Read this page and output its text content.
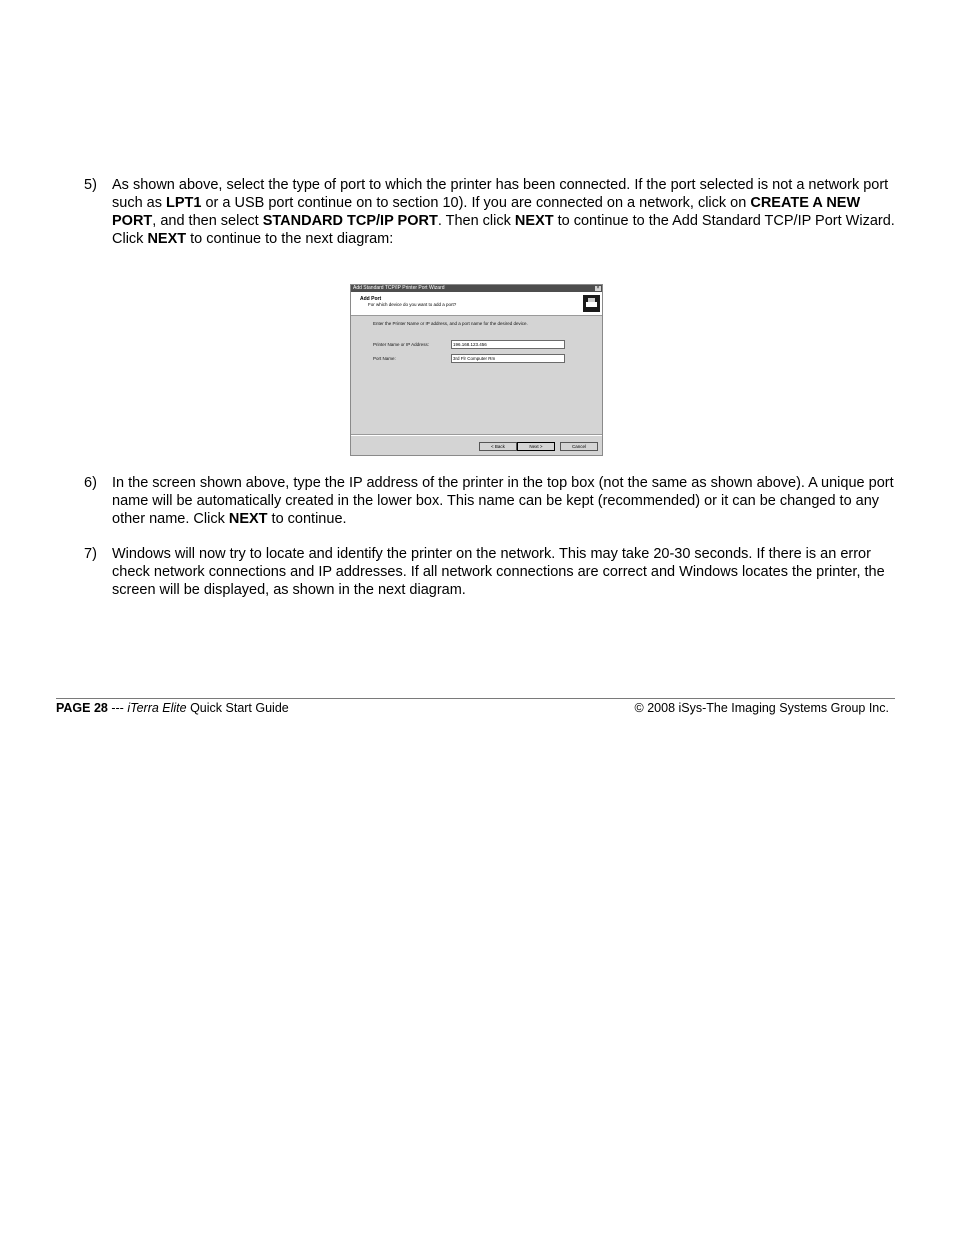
5) As shown above, select the type of port to which the printer has been connected. If the port selected is not a network port such as LPT1 or a USB port continue on to section 10). If you are connected on a network, click on CREATE A NEW PORT, and then select STANDARD TCP/IP PORT. Then click NEXT to continue to the Add Standard TCP/IP Port Wizard. Click NEXT to continue to the next diagram:
Add Standard TCP/IP Printer Port Wizard	×
Add Port
For which device do you want to add a port?
Enter the Printer Name or IP address, and a port name for the desired device.
Printer Name or IP Address:	196.168.123.456
Port Name:	3rd Flr Computer Rm
< Back	Next >	Cancel
6) In the screen shown above, type the IP address of the printer in the top box (not the same as shown above). A unique port name will be automatically created in the lower box. This name can be kept (recommended) or it can be changed to any other name. Click NEXT to continue.
7) Windows will now try to locate and identify the printer on the network. This may take 20-30 seconds. If there is an error check network connections and IP addresses. If all network connections are correct and Windows locates the printer, the screen will be displayed, as shown in the next diagram.
PAGE 28 --- iTerra Elite Quick Start Guide	© 2008 iSys-The Imaging Systems Group Inc.
